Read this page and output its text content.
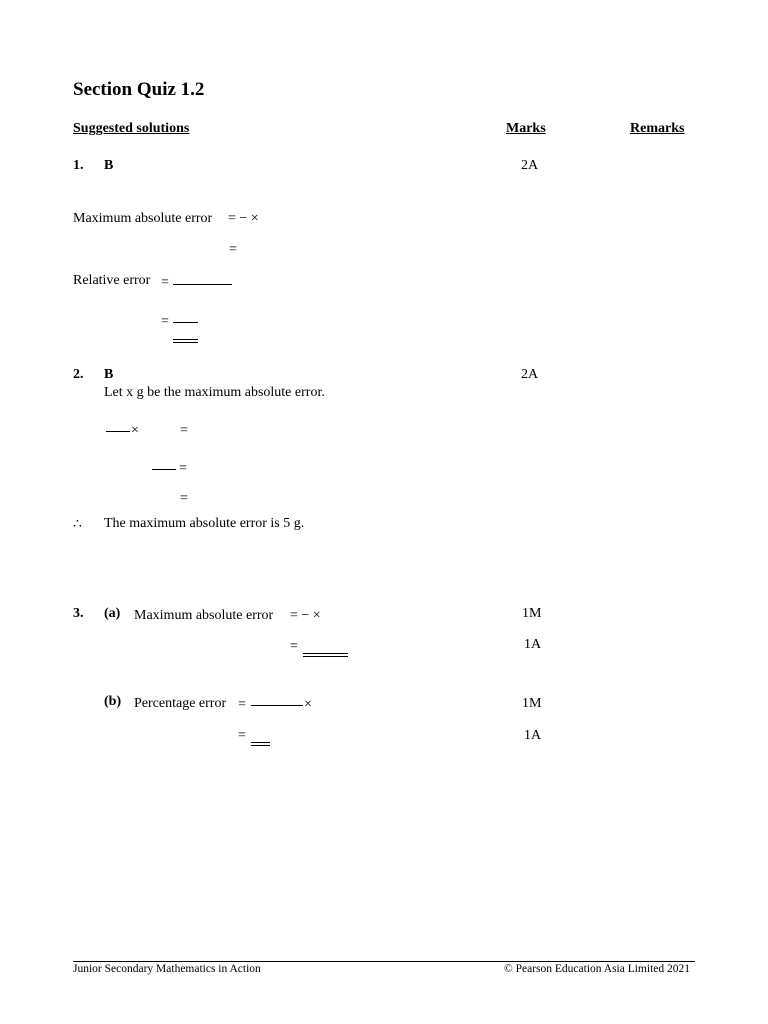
Section Quiz 1.2
Suggested solutions	Marks	Remarks
1. B	2A
Maximum absolute error = − ×
=
Relative error =
=
2. B	2A
Let x g be the maximum absolute error.
×	=
=
=
∴ The maximum absolute error is 5 g.
3. (a) Maximum absolute error = − ×	1M
=	1A
(b) Percentage error =	×	1M
=	1A
Junior Secondary Mathematics in Action	© Pearson Education Asia Limited 2021
